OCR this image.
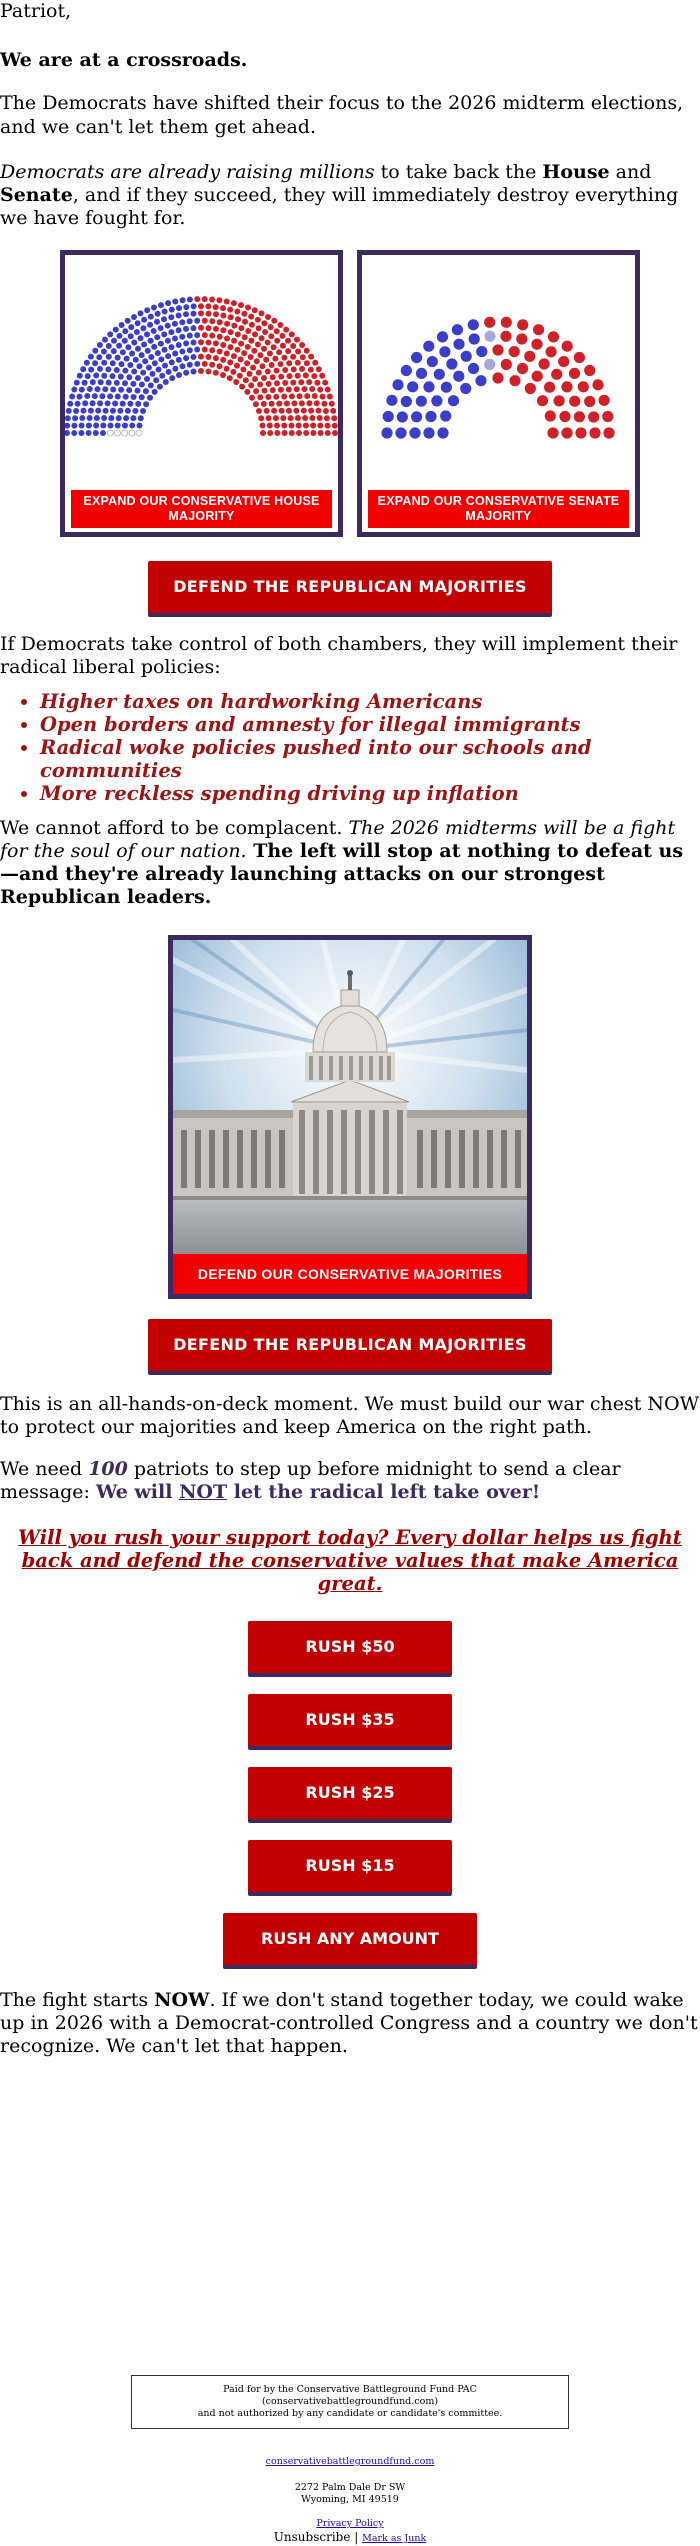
Patriot,

We are at a crossroads.

The Democrats have shifted their focus to the 2026 midterm elections, and we can't let them get ahead.

Democrats are already raising millions to take back the House and Senate, and if they succeed, they will immediately destroy everything we have fought for.

EXPAND OUR CONSERVATIVE HOUSE MAJORITY
EXPAND OUR CONSERVATIVE SENATE MAJORITY
DEFEND THE REPUBLICAN MAJORITIES

If Democrats take control of both chambers, they will implement their radical liberal policies:

• Higher taxes on hardworking Americans
• Open borders and amnesty for illegal immigrants
• Radical woke policies pushed into our schools and communities
• More reckless spending driving up inflation

We cannot afford to be complacent. The 2026 midterms will be a fight for the soul of our nation. The left will stop at nothing to defeat us—and they're already launching attacks on our strongest Republican leaders.

DEFEND OUR CONSERVATIVE MAJORITIES
DEFEND THE REPUBLICAN MAJORITIES

This is an all-hands-on-deck moment. We must build our war chest NOW to protect our majorities and keep America on the right path.

We need 100 patriots to step up before midnight to send a clear message: We will NOT let the radical left take over!

Will you rush your support today? Every dollar helps us fight back and defend the conservative values that make America great.

RUSH $50
RUSH $35
RUSH $25
RUSH $15
RUSH ANY AMOUNT

The fight starts NOW. If we don't stand together today, we could wake up in 2026 with a Democrat-controlled Congress and a country we don't recognize. We can't let that happen.

Paid for by the Conservative Battleground Fund PAC (conservativebattlegroundfund.com)
and not authorized by any candidate or candidate's committee.
conservativebattlegroundfund.com
2272 Palm Dale Dr SW
Wyoming, MI 49519
Privacy Policy
Unsubscribe | Mark as Junk
